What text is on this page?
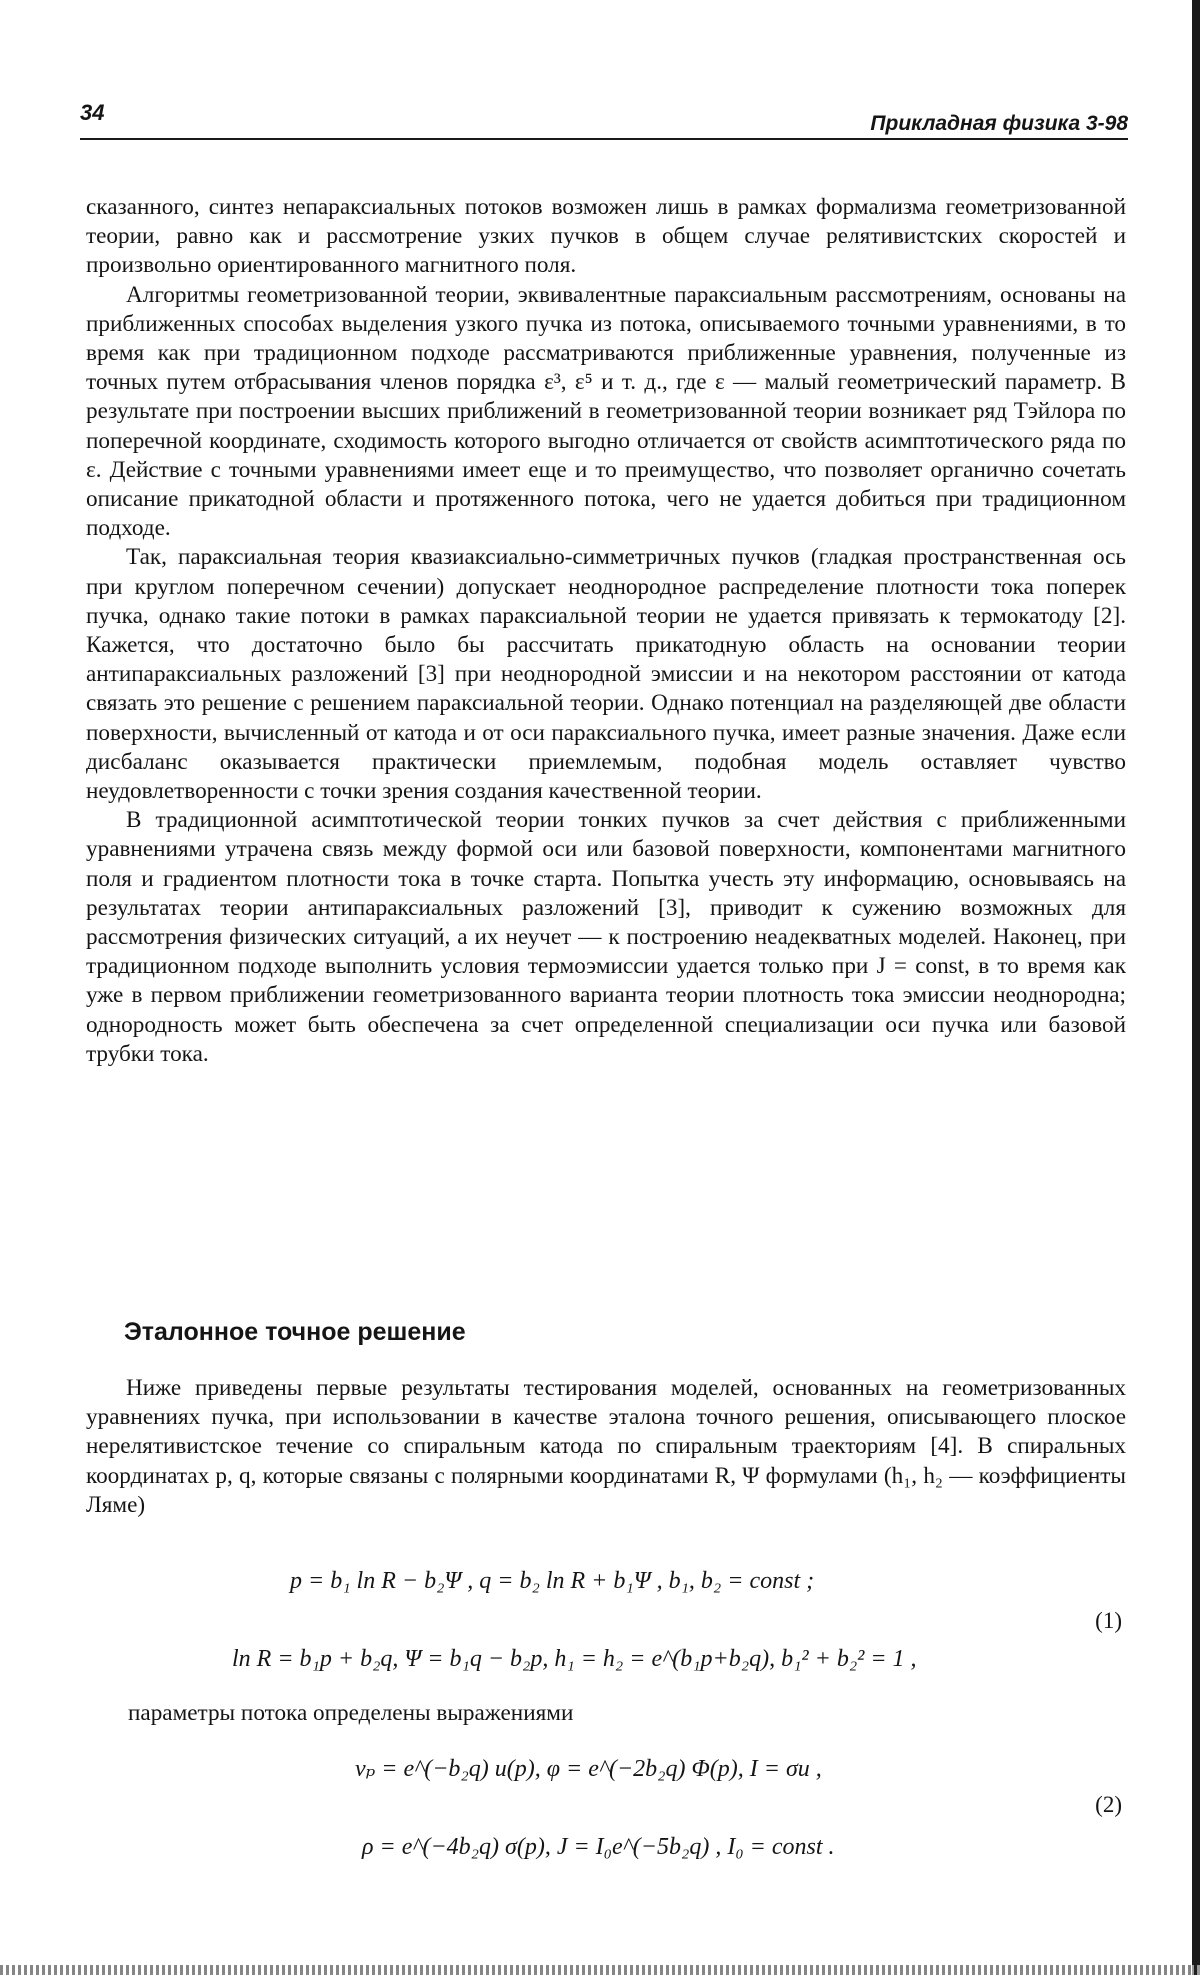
34	Прикладная физика 3-98

сказанного, синтез непараксиальных потоков возможен лишь в рамках формализма геометризованной теории, равно как и рассмотрение узких пучков в общем случае релятивистских скоростей и произвольно ориентированного магнитного поля.

Алгоритмы геометризованной теории, эквивалентные параксиальным рассмотрениям, основаны на приближенных способах выделения узкого пучка из потока, описываемого точными уравнениями, в то время как при традиционном подходе рассматриваются приближенные уравнения, полученные из точных путем отбрасывания членов порядка ε³, ε⁵ и т. д., где ε — малый геометрический параметр. В результате при построении высших приближений в геометризованной теории возникает ряд Тэйлора по поперечной координате, сходимость которого выгодно отличается от свойств асимптотического ряда по ε. Действие с точными уравнениями имеет еще и то преимущество, что позволяет органично сочетать описание прикатодной области и протяженного потока, чего не удается добиться при традиционном подходе.

Так, параксиальная теория квазиаксиально-симметричных пучков (гладкая пространственная ось при круглом поперечном сечении) допускает неоднородное распределение плотности тока поперек пучка, однако такие потоки в рамках параксиальной теории не удается привязать к термокатоду [2]. Кажется, что достаточно было бы рассчитать прикатодную область на основании теории антипараксиальных разложений [3] при неоднородной эмиссии и на некотором расстоянии от катода связать это решение с решением параксиальной теории. Однако потенциал на разделяющей две области поверхности, вычисленный от катода и от оси параксиального пучка, имеет разные значения. Даже если дисбаланс оказывается практически приемлемым, подобная модель оставляет чувство неудовлетворенности с точки зрения создания качественной теории.

В традиционной асимптотической теории тонких пучков за счет действия с приближенными уравнениями утрачена связь между формой оси или базовой поверхности, компонентами магнитного поля и градиентом плотности тока в точке старта. Попытка учесть эту информацию, основываясь на результатах теории антипараксиальных разложений [3], приводит к сужению возможных для рассмотрения физических ситуаций, а их неучет — к построению неадекватных моделей. Наконец, при традиционном подходе выполнить условия термоэмиссии удается только при J = const, в то время как уже в первом приближении геометризованного варианта теории плотность тока эмиссии неоднородна; однородность может быть обеспечена за счет определенной специализации оси пучка или базовой трубки тока.

Эталонное точное решение

Ниже приведены первые результаты тестирования моделей, основанных на геометризованных уравнениях пучка, при использовании в качестве эталона точного решения, описывающего плоское нерелятивистское течение со спиральным катода по спиральным траекториям [4]. В спиральных координатах p, q, которые связаны с полярными координатами R, Ψ формулами (h₁, h₂ — коэффициенты Ляме)

p = b₁ ln R − b₂Ψ , q = b₂ ln R + b₁Ψ , b₁, b₂ = const ;
ln R = b₁p + b₂q, Ψ = b₁q − b₂p, h₁ = h₂ = e^(b₁p+b₂q), b₁² + b₂² = 1 ,
(1)
параметры потока определены выражениями
vₚ = e^(−b₂q) u(p), φ = e^(−2b₂q) Φ(p), I = σu ,
ρ = e^(−4b₂q) σ(p), J = I₀e^(−5b₂q) , I₀ = const .
(2)
